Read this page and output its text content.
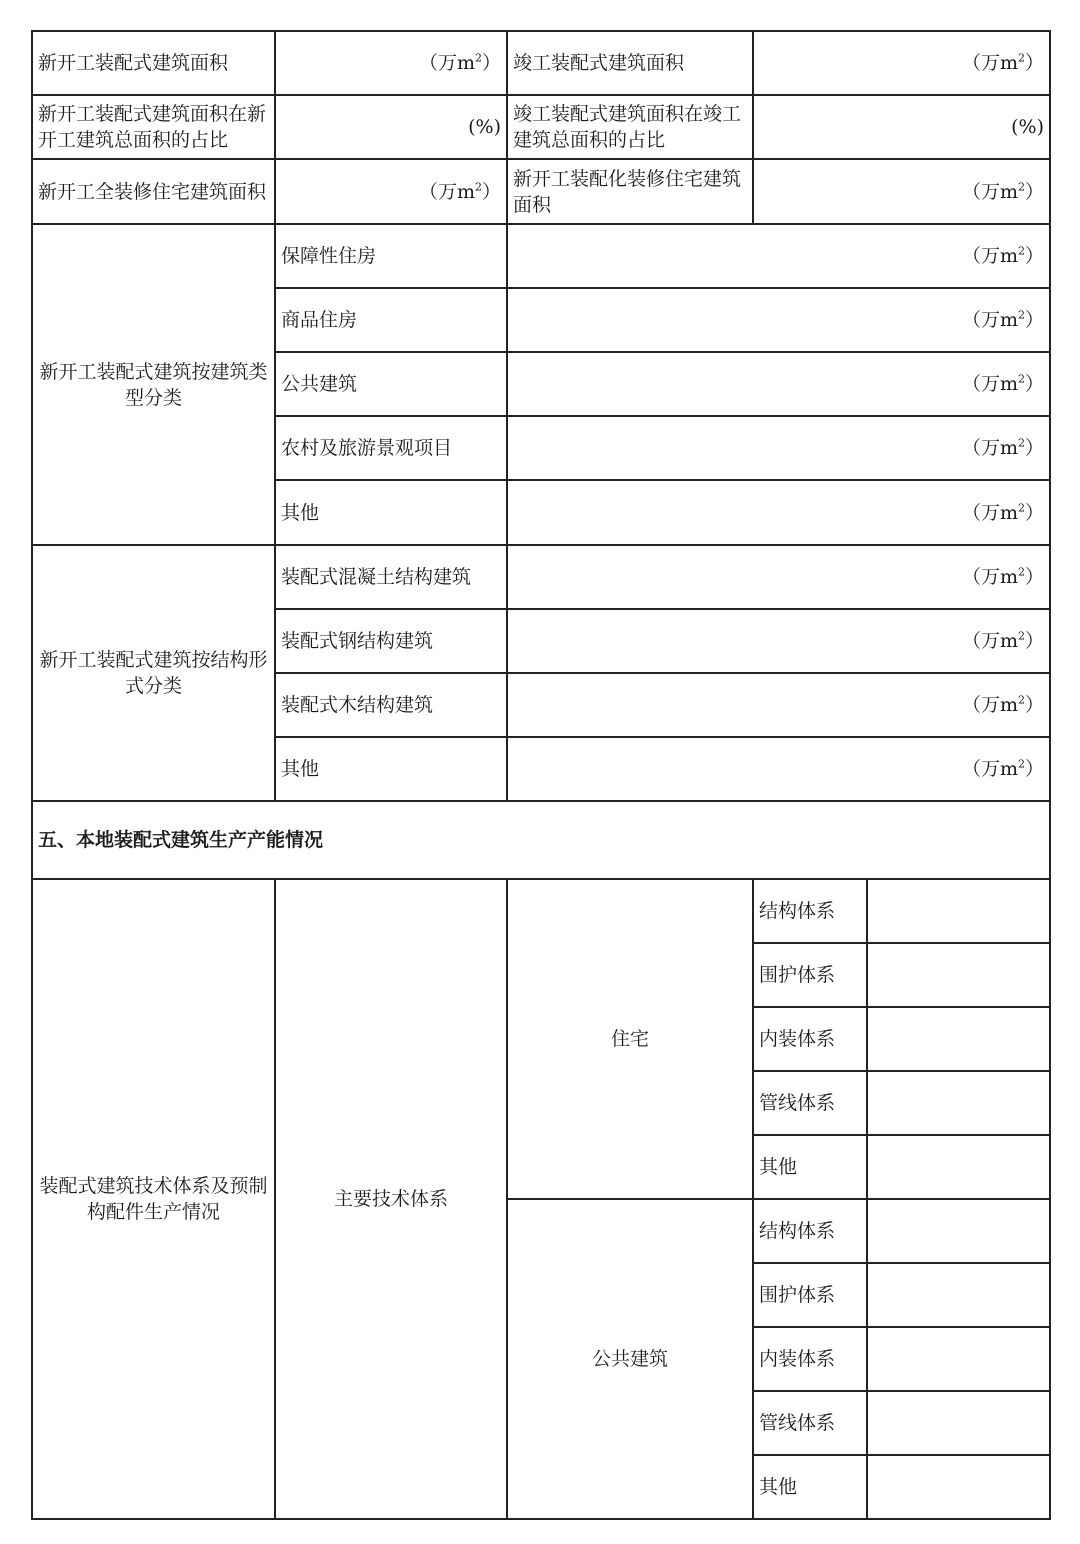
新开工装配式建筑面积	（万$m^2$）	竣工装配式建筑面积	（万$m^2$）	
新开工装配式建筑面积在新开工建筑总面积的占比	(%)	竣工装配式建筑面积在竣工建筑总面积的占比	(%)	
新开工全装修住宅建筑面积	（万$m^2$）	新开工装配化装修住宅建筑面积	（万$m^2$）	
新开工装配式建筑按建筑类型分类	保障性住房	（万$m^2$）		
	商品住房	（万$m^2$）		
	公共建筑	（万$m^2$）		
	农村及旅游景观项目	（万$m^2$）		
	其他	（万$m^2$）		
新开工装配式建筑按结构形式分类	装配式混凝土结构建筑	（万$m^2$）		
	装配式钢结构建筑	（万$m^2$）		
	装配式木结构建筑	（万$m^2$）		
	其他	（万$m^2$）		
五、本地装配式建筑生产产能情况				
装配式建筑技术体系及预制构配件生产情况	主要技术体系	住宅	结构体系	
			围护体系	
			内装体系	
			管线体系	
			其他	
		公共建筑	结构体系	
			围护体系	
			内装体系	
			管线体系	
			其他	
